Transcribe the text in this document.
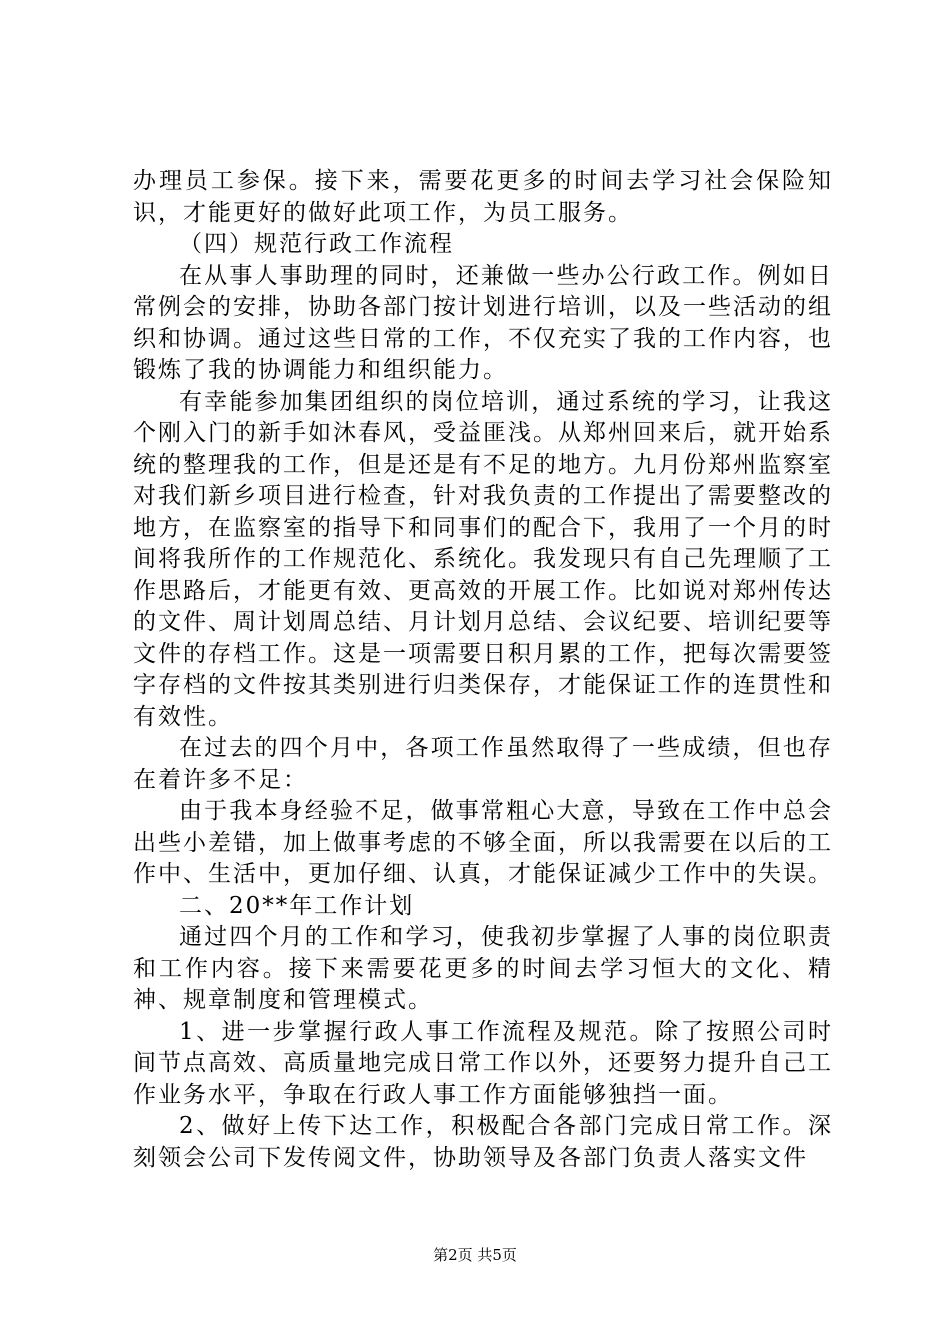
办理员工参保。接下来，需要花更多的时间去学习社会保险知识，才能更好的做好此项工作，为员工服务。

（四）规范行政工作流程

在从事人事助理的同时，还兼做一些办公行政工作。例如日常例会的安排，协助各部门按计划进行培训，以及一些活动的组织和协调。通过这些日常的工作，不仅充实了我的工作内容，也锻炼了我的协调能力和组织能力。

有幸能参加集团组织的岗位培训，通过系统的学习，让我这个刚入门的新手如沐春风，受益匪浅。从郑州回来后，就开始系统的整理我的工作，但是还是有不足的地方。九月份郑州监察室对我们新乡项目进行检查，针对我负责的工作提出了需要整改的地方，在监察室的指导下和同事们的配合下，我用了一个月的时间将我所作的工作规范化、系统化。我发现只有自己先理顺了工作思路后，才能更有效、更高效的开展工作。比如说对郑州传达的文件、周计划周总结、月计划月总结、会议纪要、培训纪要等文件的存档工作。这是一项需要日积月累的工作，把每次需要签字存档的文件按其类别进行归类保存，才能保证工作的连贯性和有效性。

在过去的四个月中，各项工作虽然取得了一些成绩，但也存在着许多不足：

由于我本身经验不足，做事常粗心大意，导致在工作中总会出些小差错，加上做事考虑的不够全面，所以我需要在以后的工作中、生活中，更加仔细、认真，才能保证减少工作中的失误。

二、20**年工作计划

通过四个月的工作和学习，使我初步掌握了人事的岗位职责和工作内容。接下来需要花更多的时间去学习恒大的文化、精神、规章制度和管理模式。

1、进一步掌握行政人事工作流程及规范。除了按照公司时间节点高效、高质量地完成日常工作以外，还要努力提升自己工作业务水平，争取在行政人事工作方面能够独挡一面。

2、做好上传下达工作，积极配合各部门完成日常工作。深刻领会公司下发传阅文件，协助领导及各部门负责人落实文件

第2页 共5页
